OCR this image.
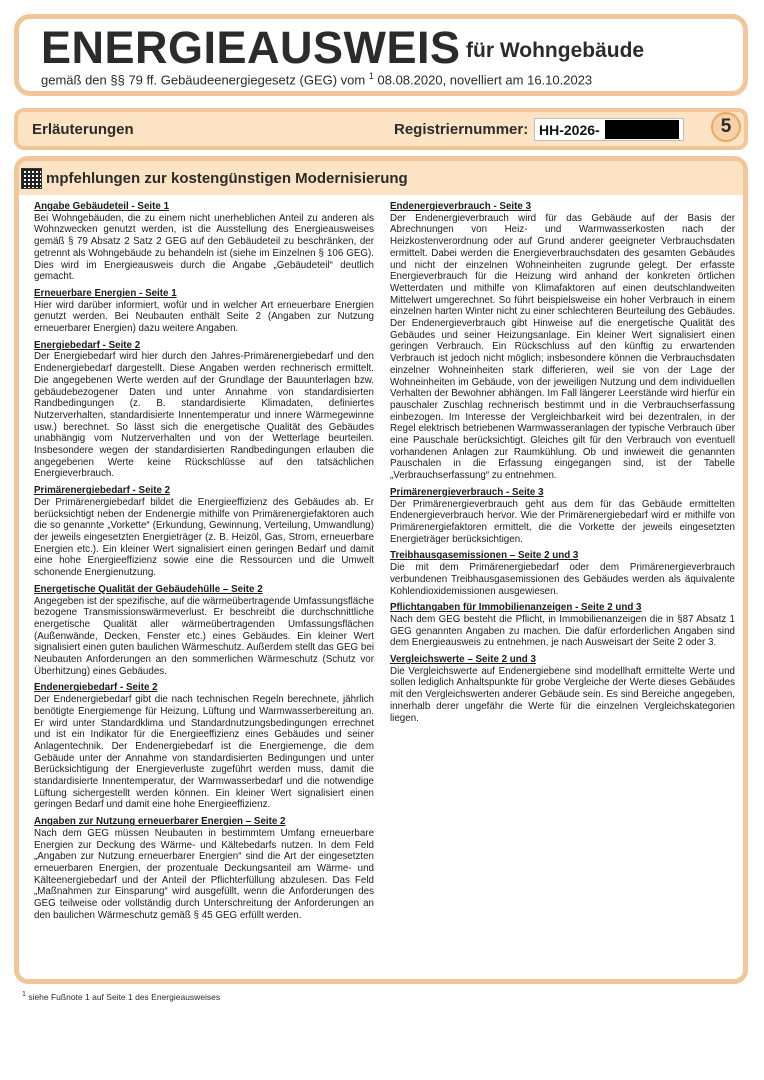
ENERGIEAUSWEIS für Wohngebäude
gemäß den §§ 79 ff. Gebäudeenergiegesetz (GEG) vom $^1$ 08.08.2020, novelliert am 16.10.2023
Erläuterungen	Registriernummer: HH-2026-	5
mpfehlungen zur kostengünstigen Modernisierung

Angabe Gebäudeteil - Seite 1

Bei Wohngebäuden, die zu einem nicht unerheblichen Anteil zu anderen als Wohnzwecken genutzt werden, ist die Ausstellung des Energieausweises gemäß § 79 Absatz 2 Satz 2 GEG auf den Gebäudeteil zu beschränken, der getrennt als Wohngebäude zu behandeln ist (siehe im Einzelnen § 106 GEG). Dies wird im Energieausweis durch die Angabe „Gebäudeteil“ deutlich gemacht.

Erneuerbare Energien - Seite 1

Hier wird darüber informiert, wofür und in welcher Art erneuerbare Energien genutzt werden. Bei Neubauten enthält Seite 2 (Angaben zur Nutzung erneuerbarer Energien) dazu weitere Angaben.

Energiebedarf - Seite 2

Der Energiebedarf wird hier durch den Jahres-Primärenergiebedarf und den Endenergiebedarf dargestellt. Diese Angaben werden rechnerisch ermittelt. Die angegebenen Werte werden auf der Grundlage der Bauunterlagen bzw. gebäudebezogener Daten und unter Annahme von standardisierten Randbedingungen (z. B. standardisierte Klimadaten, definiertes Nutzerverhalten, standardisierte Innentemperatur und innere Wärmegewinne usw.) berechnet. So lässt sich die energetische Qualität des Gebäudes unabhängig vom Nutzerverhalten und von der Wetterlage beurteilen. Insbesondere wegen der standardisierten Randbedingungen erlauben die angegebenen Werte keine Rückschlüsse auf den tatsächlichen Energieverbrauch.

Primärenergiebedarf - Seite 2

Der Primärenergiebedarf bildet die Energieeffizienz des Gebäudes ab. Er berücksichtigt neben der Endenergie mithilfe von Primärenergiefaktoren auch die so genannte „Vorkette“ (Erkundung, Gewinnung, Verteilung, Umwandlung) der jeweils eingesetzten Energieträger (z. B. Heizöl, Gas, Strom, erneuerbare Energien etc.). Ein kleiner Wert signalisiert einen geringen Bedarf und damit eine hohe Energieeffizienz sowie eine die Ressourcen und die Umwelt schonende Energienutzung.

Energetische Qualität der Gebäudehülle – Seite 2

Angegeben ist der spezifische, auf die wärmeübertragende Umfassungsfläche bezogene Transmissionswärmeverlust. Er beschreibt die durchschnittliche energetische Qualität aller wärmeübertragenden Umfassungsflächen (Außenwände, Decken, Fenster etc.) eines Gebäudes. Ein kleiner Wert signalisiert einen guten baulichen Wärmeschutz. Außerdem stellt das GEG bei Neubauten Anforderungen an den sommerlichen Wärmeschutz (Schutz vor Überhitzung) eines Gebäudes.

Endenergiebedarf - Seite 2

Der Endenergiebedarf gibt die nach technischen Regeln berechnete, jährlich benötigte Energiemenge für Heizung, Lüftung und Warmwasserbereitung an. Er wird unter Standardklima und Standardnutzungsbedingungen errechnet und ist ein Indikator für die Energieeffizienz eines Gebäudes und seiner Anlagentechnik. Der Endenergiebedarf ist die Energiemenge, die dem Gebäude unter der Annahme von standardisierten Bedingungen und unter Berücksichtigung der Energieverluste zugeführt werden muss, damit die standardisierte Innentemperatur, der Warmwasserbedarf und die notwendige Lüftung sichergestellt werden können. Ein kleiner Wert signalisiert einen geringen Bedarf und damit eine hohe Energieeffizienz.

Angaben zur Nutzung erneuerbarer Energien – Seite 2

Nach dem GEG müssen Neubauten in bestimmtem Umfang erneuerbare Energien zur Deckung des Wärme- und Kältebedarfs nutzen. In dem Feld „Angaben zur Nutzung erneuerbarer Energien“ sind die Art der eingesetzten erneuerbaren Energien, der prozentuale Deckungsanteil am Wärme- und Kälteenergiebedarf und der Anteil der Pflichterfüllung abzulesen. Das Feld „Maßnahmen zur Einsparung“ wird ausgefüllt, wenn die Anforderungen des GEG teilweise oder vollständig durch Unterschreitung der Anforderungen an den baulichen Wärmeschutz gemäß § 45 GEG erfüllt werden.

Endenergieverbrauch - Seite 3

Der Endenergieverbrauch wird für das Gebäude auf der Basis der Abrechnungen von Heiz- und Warmwasserkosten nach der Heizkostenverordnung oder auf Grund anderer geeigneter Verbrauchsdaten ermittelt. Dabei werden die Energieverbrauchsdaten des gesamten Gebäudes und nicht der einzelnen Wohneinheiten zugrunde gelegt. Der erfasste Energieverbrauch für die Heizung wird anhand der konkreten örtlichen Wetterdaten und mithilfe von Klimafaktoren auf einen deutschlandweiten Mittelwert umgerechnet. So führt beispielsweise ein hoher Verbrauch in einem einzelnen harten Winter nicht zu einer schlechteren Beurteilung des Gebäudes. Der Endenergieverbrauch gibt Hinweise auf die energetische Qualität des Gebäudes und seiner Heizungsanlage. Ein kleiner Wert signalisiert einen geringen Verbrauch. Ein Rückschluss auf den künftig zu erwartenden Verbrauch ist jedoch nicht möglich; insbesondere können die Verbrauchsdaten einzelner Wohneinheiten stark differieren, weil sie von der Lage der Wohneinheiten im Gebäude, von der jeweiligen Nutzung und dem individuellen Verhalten der Bewohner abhängen. Im Fall längerer Leerstände wird hierfür ein pauschaler Zuschlag rechnerisch bestimmt und in die Verbrauchserfassung einbezogen. Im Interesse der Vergleichbarkeit wird bei dezentralen, in der Regel elektrisch betriebenen Warmwasseranlagen der typische Verbrauch über eine Pauschale berücksichtigt. Gleiches gilt für den Verbrauch von eventuell vorhandenen Anlagen zur Raumkühlung. Ob und inwieweit die genannten Pauschalen in die Erfassung eingegangen sind, ist der Tabelle „Verbrauchserfassung“ zu entnehmen.

Primärenergieverbrauch - Seite 3

Der Primärenergieverbrauch geht aus dem für das Gebäude ermittelten Endenergieverbrauch hervor. Wie der Primärenergiebedarf wird er mithilfe von Primärenergiefaktoren ermittelt, die die Vorkette der jeweils eingesetzten Energieträger berücksichtigen.

Treibhausgasemissionen – Seite 2 und 3

Die mit dem Primärenergiebedarf oder dem Primärenergieverbrauch verbundenen Treibhausgasemissionen des Gebäudes werden als äquivalente Kohlendioxidemissionen ausgewiesen.

Pflichtangaben für Immobilienanzeigen - Seite 2 und 3

Nach dem GEG besteht die Pflicht, in Immobilienanzeigen die in §87 Absatz 1 GEG genannten Angaben zu machen. Die dafür erforderlichen Angaben sind dem Energieausweis zu entnehmen, je nach Ausweisart der Seite 2 oder 3.

Vergleichswerte – Seite 2 und 3

Die Vergleichswerte auf Endenergiebene sind modellhaft ermittelte Werte und sollen lediglich Anhaltspunkte für grobe Vergleiche der Werte dieses Gebäudes mit den Vergleichswerten anderer Gebäude sein. Es sind Bereiche angegeben, innerhalb derer ungefähr die Werte für die einzelnen Vergleichskategorien liegen.

$^1$ siehe Fußnote 1 auf Seite 1 des Energieausweises
